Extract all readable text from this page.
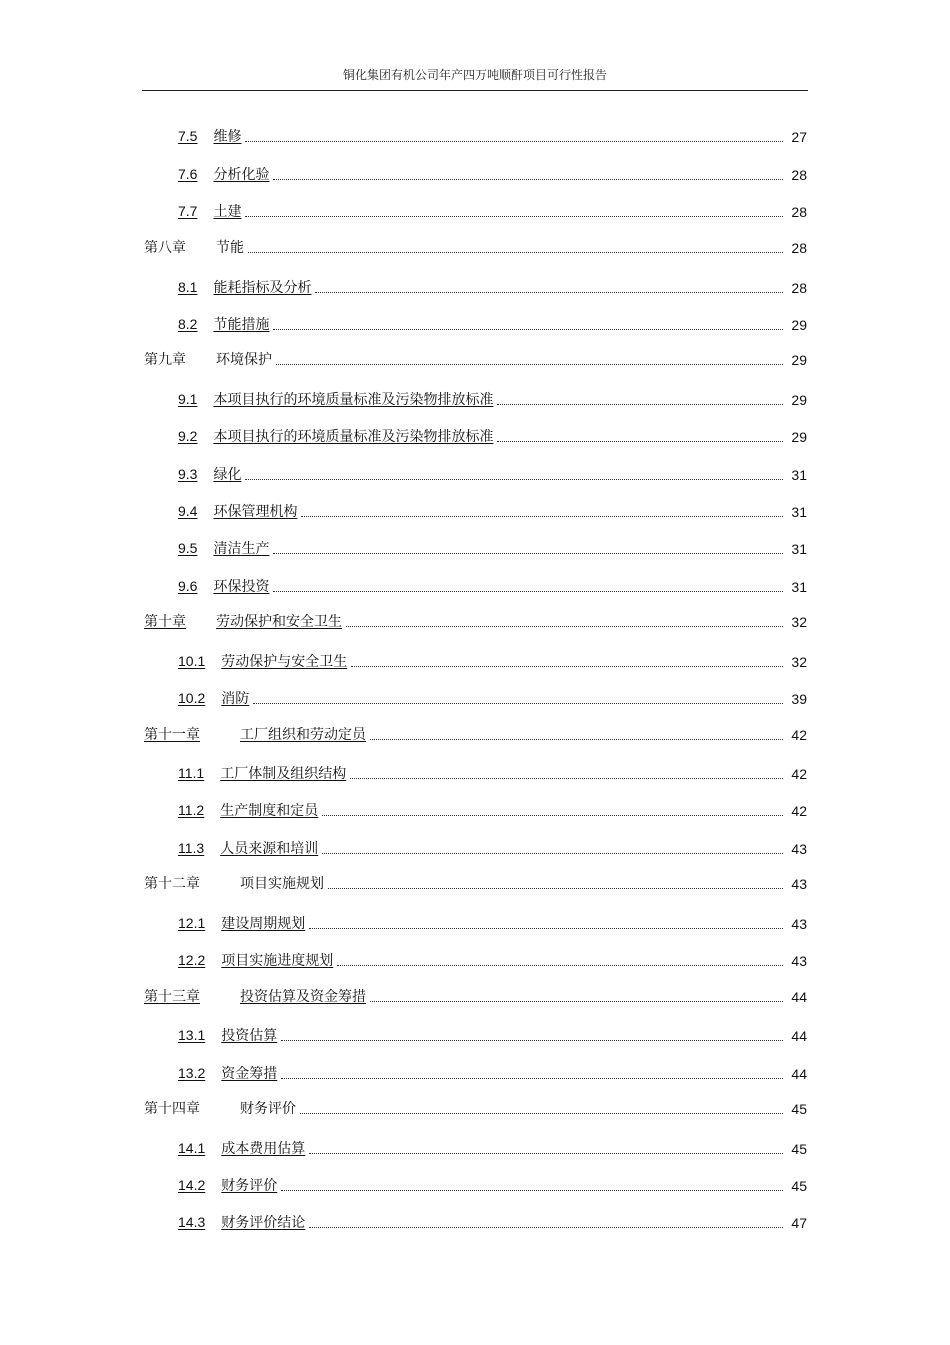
铜化集团有机公司年产四万吨顺酐项目可行性报告
7.5 维修	27
7.6 分析化验	28
7.7 土建	28
第八章 节能	28
8.1 能耗指标及分析	28
8.2 节能措施	29
第九章 环境保护	29
9.1 本项目执行的环境质量标准及污染物排放标准	29
9.2 本项目执行的环境质量标准及污染物排放标准	29
9.3 绿化	31
9.4 环保管理机构	31
9.5 清洁生产	31
9.6 环保投资	31
第十章 劳动保护和安全卫生	32
10.1 劳动保护与安全卫生	32
10.2 消防	39
第十一章	工厂组织和劳动定员	42
11.1 工厂体制及组织结构	42
11.2 生产制度和定员	42
11.3 人员来源和培训	43
第十二章	项目实施规划	43
12.1 建设周期规划	43
12.2 项目实施进度规划	43
第十三章	投资估算及资金筹措	44
13.1 投资估算	44
13.2 资金筹措	44
第十四章	财务评价	45
14.1 成本费用估算	45
14.2 财务评价	45
14.3 财务评价结论	47
